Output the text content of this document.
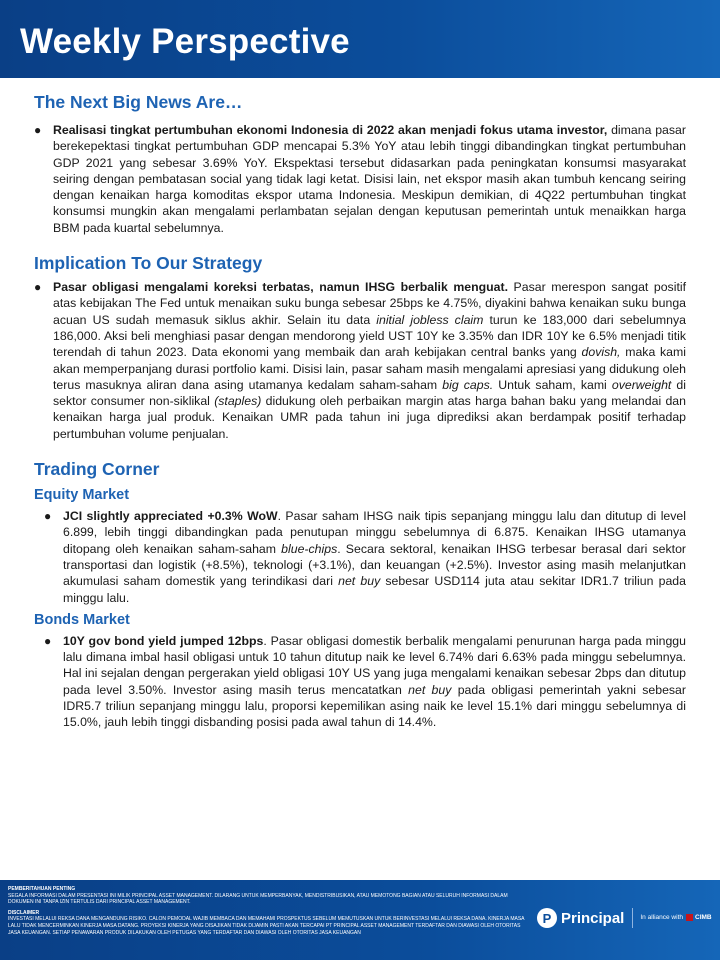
Weekly Perspective
The Next Big News Are…

● Realisasi tingkat pertumbuhan ekonomi Indonesia di 2022 akan menjadi fokus utama investor, dimana pasar berekepektasi tingkat pertumbuhan GDP mencapai 5.3% YoY atau lebih tinggi dibandingkan tingkat pertumbuhan GDP 2021 yang sebesar 3.69% YoY. Ekspektasi tersebut didasarkan pada peningkatan konsumsi masyarakat seiring dengan pembatasan social yang tidak lagi ketat. Disisi lain, net ekspor masih akan tumbuh kencang seiring dengan kenaikan harga komoditas ekspor utama Indonesia. Meskipun demikian, di 4Q22 pertumbuhan tingkat konsumsi mungkin akan mengalami perlambatan sejalan dengan keputusan pemerintah untuk menaikkan harga BBM pada kuartal sebelumnya.

Implication To Our Strategy

● Pasar obligasi mengalami koreksi terbatas, namun IHSG berbalik menguat. Pasar merespon sangat positif atas kebijakan The Fed untuk menaikan suku bunga sebesar 25bps ke 4.75%, diyakini bahwa kenaikan suku bunga acuan US sudah memasuk siklus akhir. Selain itu data initial jobless claim turun ke 183,000 dari sebelumnya 186,000. Aksi beli menghiasi pasar dengan mendorong yield UST 10Y ke 3.35% dan IDR 10Y ke 6.5% menjadi titik terendah di tahun 2023. Data ekonomi yang membaik dan arah kebijakan central banks yang dovish, maka kami akan memperpanjang durasi portfolio kami. Disisi lain, pasar saham masih mengalami apresiasi yang didukung oleh terus masuknya aliran dana asing utamanya kedalam saham-saham big caps. Untuk saham, kami overweight di sektor consumer non-siklikal (staples) didukung oleh perbaikan margin atas harga bahan baku yang melandai dan kenaikan harga jual produk. Kenaikan UMR pada tahun ini juga diprediksi akan berdampak positif terhadap pertumbuhan volume penjualan.

Trading Corner
Equity Market

● JCI slightly appreciated +0.3% WoW. Pasar saham IHSG naik tipis sepanjang minggu lalu dan ditutup di level 6.899, lebih tinggi dibandingkan pada penutupan minggu sebelumnya di 6.875. Kenaikan IHSG utamanya ditopang oleh kenaikan saham-saham blue-chips. Secara sektoral, kenaikan IHSG terbesar berasal dari sektor transportasi dan logistik (+8.5%), teknologi (+3.1%), dan keuangan (+2.5%). Investor asing masih melanjutkan akumulasi saham domestik yang terindikasi dari net buy sebesar USD114 juta atau sekitar IDR1.7 triliun pada minggu lalu.

Bonds Market

● 10Y gov bond yield jumped 12bps. Pasar obligasi domestik berbalik mengalami penurunan harga pada minggu lalu dimana imbal hasil obligasi untuk 10 tahun ditutup naik ke level 6.74% dari 6.63% pada minggu sebelumnya. Hal ini sejalan dengan pergerakan yield obligasi 10Y US yang juga mengalami kenaikan sebesar 2bps dan ditutup pada level 3.50%. Investor asing masih terus mencatatkan net buy pada obligasi pemerintah yakni sebesar IDR5.7 triliun sepanjang minggu lalu, proporsi kepemilikan asing naik ke level 15.1% dari minggu sebelumnya di 15.0%, jauh lebih tinggi disbanding posisi pada awal tahun di 14.4%.

PEMBERITAHUAN PENTING
SEGALA INFORMASI DALAM PRESENTASI INI MILIK PRINCIPAL ASSET MANAGEMENT. DILARANG UNTUK MEMPERBANYAK, MENDISTRIBUSIKAN, ATAU MEMOTONG BAGIAN ATAU SELURUH INFORMASI DALAM DOKUMEN INI TANPA IZIN TERTULIS DARI PRINCIPAL ASSET MANAGEMENT.
DISCLAIMER
INVESTASI MELALUI REKSA DANA MENGANDUNG RISIKO. CALON PEMODAL WAJIB MEMBACA DAN MEMAHAMI PROSPEKTUS SEBELUM MEMUTUSKAN UNTUK BERINVESTASI MELALUI REKSA DANA. KINERJA MASA LALU TIDAK MENCERMINKAN KINERJA MASA DATANG. PROYEKSI KINERJA YANG DISAJIKAN TIDAK DIJAMIN PASTI AKAN TERCAPAI PT PRINCIPAL ASSET MANAGEMENT TERDAFTAR DAN DIAWASI OLEH OTORITAS JASA KEUANGAN. SETIAP PENAWARAN PRODUK DILAKUKAN OLEH PETUGAS YANG TERDAFTAR DAN DIAWASI OLEH OTORITAS JASA KEUANGAN
P Principal In alliance with CIMB
